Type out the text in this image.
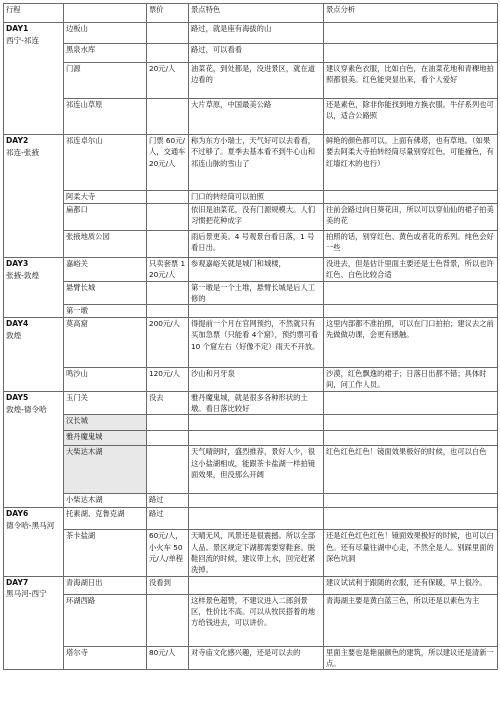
行程		票价	景点特色	景点分析

DAY1
西宁-祁连	边板山		路过，就是座有海拔的山	
	黑泉水库		路过，可以看看	
	门源	20元/人	油菜花，到处都是，没进景区，就在道边看的	建议穿素色衣服，比如白色，在油菜花地和青稞地拍照都很美。红色能突显出来，看个人爱好
	祁连山草原		大片草原，中国最美公路	还是素色，除非你能找到地方换衣服。牛仔系列也可以，适合公路照

DAY2
祁连-张掖	祁连卓尔山	门票 60元/人，交通车 20元/人	称为东方小瑞士，天气好可以去看看，不过够了。夏季去基本看不到牛心山和祁连山脉的雪山了	鲜艳的颜色都可以。上面有佛塔，也有草地。（如果要去阿柔大寺拍转经筒尽量别穿红色，可能撞色，有红墙红木的也行）
	阿柔大寺		门口的转经筒可以拍照	
	扁都口		依旧是油菜花，没有门源规模大。人们习惯把花种成字	往前会路过向日葵花田，所以可以穿仙仙的裙子拍美美的花
	张掖地质公园		雨后景更美。4 号观景台看日落，1 号看日出。	拍照的话，别穿红色、黄色或者花的系列。纯色会好一些

DAY3
张掖-敦煌	嘉峪关	只卖套票 120元/人	参观嘉峪关就是城门和城楼，	没进去，但是估计里面主要还是土色背景，所以也许红色、白色比较合适
	悬臂长城		第一墩是一个土堆，悬臂长城是后人工修的	
	第一墩			

DAY4
敦煌	莫高窟	200元/人	得提前一个月在官网预约，不然就只有买加急票（只能看 4个窟），预约票可看 10 个窟左右（好像不定）雨天不开放。	这里内部都不准拍照，可以在门口拍拍；建议去之前先做做功课，会更有感触。
	鸣沙山	120元/人	沙山和月牙泉	沙漠，红色飘逸的裙子；日落日出都不错；具体时间，问工作人员。

DAY5
敦煌-德令哈	玉门关	没去	雅丹魔鬼城，就是很多各种形状的土墩。看日落比较好	
	汉长城			
	雅丹魔鬼城			
	大柴达木湖		天气晴朗时，盛烈推荐，景好人少，很这小盐湖相成，能跟茶卡盐湖一样拍镜面效果，但没那么开阔	红色红色红色！镜面效果极好的时候，也可以白色
	小柴达木湖	路过		

DAY6
德令哈-黑马河	托素湖、克鲁克湖	路过		
	茶卡盐湖	60元/人，小火车 50 元/人/单程	天晴无风，风景还是很震撼。所以全部人品。景区规定下湖都需要穿鞋套。脱鞋回流的时候，建议带上水，回完赶紧洗掉。	还是红色红色红色！镜面效果极好的时候，也可以白色。还有尽量往湖中心走，不然全是人。别踩里面的深色坑洞

DAY7
黑马河-西宁	青海湖日出	没看到		建议试试利于跟随的衣服，还有保暖，早上很冷。
	环湖西路		这样景色超赞，不建议进入二郎剑景区，性价比不高。可以从牧民搭着的地方给钱进去，可以讲价。	青海湖主要是黄白蓝三色，所以还是以素色为主
	塔尔寺	80元/人	对寺庙文化感兴趣，还是可以去的	里面主要也是艳丽颜色的建筑，所以建议还是清新一点。
